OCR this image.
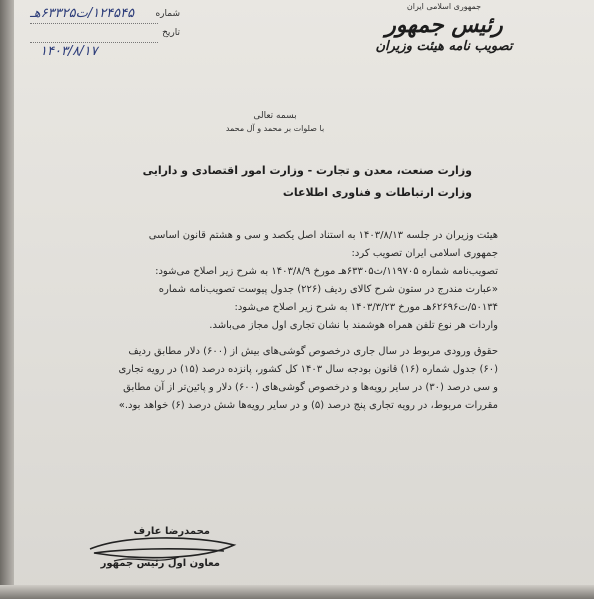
جمهوری اسلامی ایران
رئیس جمهور
تصویب نامه هیئت وزیران
شماره
۱۲۴۵۴۵/ت۶۳۳۲۵هـ
تاریخ
۱۴۰۳/۸/۱۷
بسمه تعالی
با صلوات بر محمد و آل محمد
وزارت صنعت، معدن و تجارت - وزارت امور اقتصادی و دارایی
وزارت ارتباطات و فناوری اطلاعات
هیئت وزیران در جلسه ۱۴۰۳/۸/۱۳ به استناد اصل یکصد و سی و هشتم قانون اساسی
جمهوری اسلامی ایران تصویب کرد:
تصویب‌نامه شماره ۱۱۹۷۰۵/ت۶۳۳۰۵هـ مورخ ۱۴۰۳/۸/۹ به شرح زیر اصلاح می‌شود:
«عبارت مندرج در ستون شرح کالای ردیف (۲۲۶) جدول پیوست تصویب‌نامه شماره
۵۰۱۳۴/ت۶۲۶۹۶هـ مورخ ۱۴۰۳/۳/۲۳ به شرح زیر اصلاح می‌شود:
واردات هر نوع تلفن همراه هوشمند با نشان تجاری اول مجاز می‌باشد.
حقوق ورودی مربوط در سال جاری درخصوص گوشی‌های بیش از (۶۰۰) دلار مطابق ردیف
(۶۰) جدول شماره (۱۶) قانون بودجه سال ۱۴۰۳ کل کشور، پانزده درصد (۱۵) در رویه تجاری
و سی درصد (۳۰) در سایر رویه‌ها و درخصوص گوشی‌های (۶۰۰) دلار و پائین‌تر از آن مطابق
مقررات مربوط، در رویه تجاری پنج درصد (۵) و در سایر رویه‌ها شش درصد (۶) خواهد بود.»
محمدرضا عارف
معاون اول رئیس جمهور
